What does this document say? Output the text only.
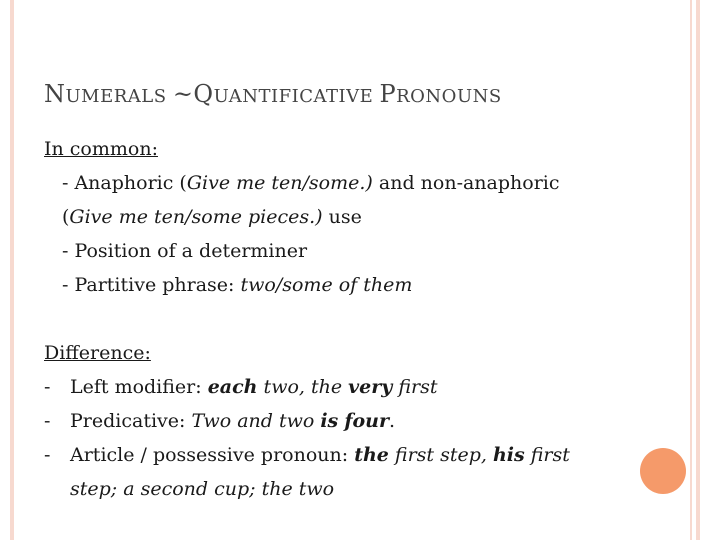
NUMERALS ~QUANTIFICATIVE PRONOUNS
In common:
- Anaphoric (Give me ten/some.) and non-anaphoric
(Give me ten/some pieces.) use
- Position of a determiner
- Partitive phrase: two/some of them
Difference:
- Left modifier: each two, the very first
- Predicative: Two and two is four.
- Article / possessive pronoun: the first step, his first
step; a second cup; the two
